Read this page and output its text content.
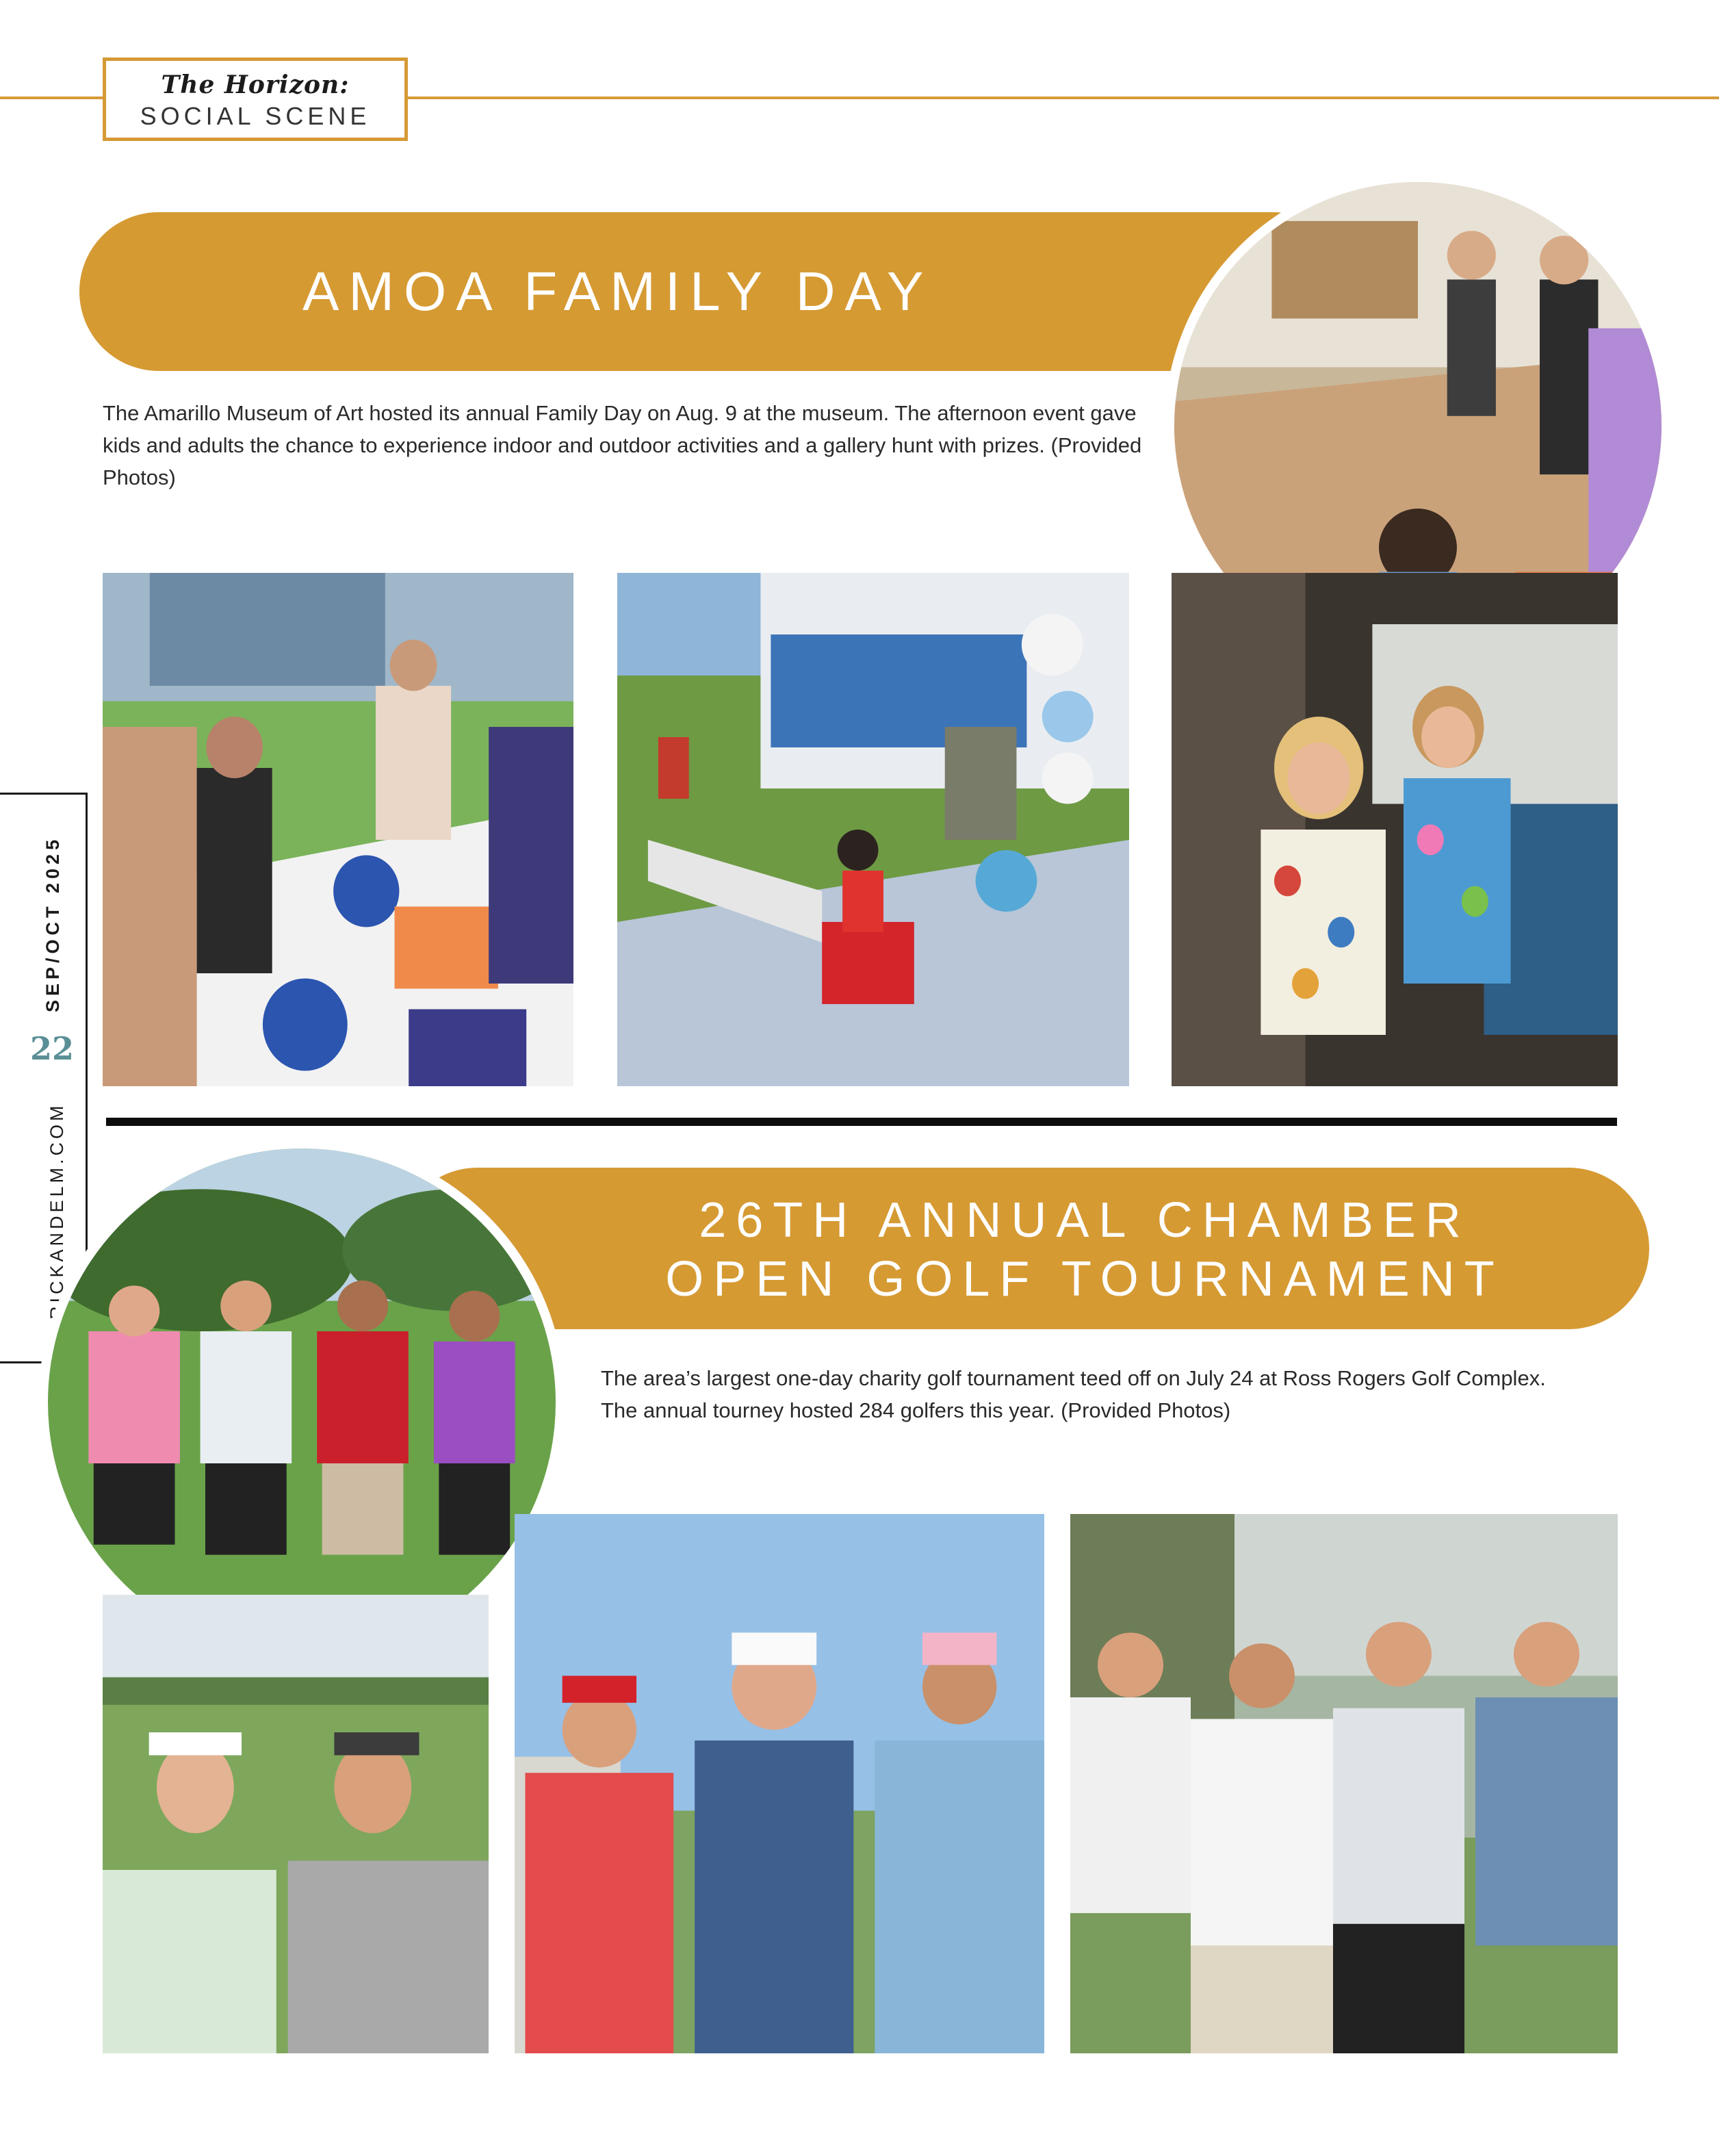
The Horizon:
SOCIAL SCENE
SEP/OCT 2025
BRICKANDELM.COM
22
AMOA FAMILY DAY
The Amarillo Museum of Art hosted its annual Family Day on Aug. 9 at the museum. The afternoon event gave kids and adults the chance to experience indoor and outdoor activities and a gallery hunt with prizes. (Provided Photos)
26TH ANNUAL CHAMBER
OPEN GOLF TOURNAMENT
The area’s largest one-day charity golf tournament teed off on July 24 at Ross Rogers Golf Complex. The annual tourney hosted 284 golfers this year. (Provided Photos)
